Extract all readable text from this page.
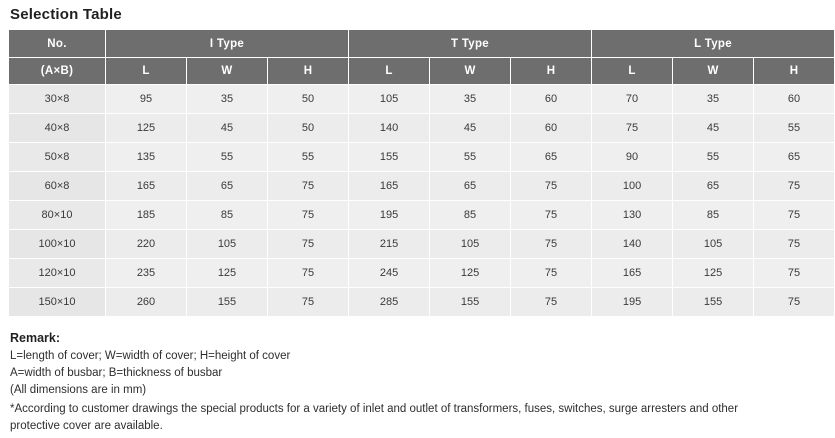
Selection Table
No.	I Type			T Type			L Type		
(A×B)	L	W	H	L	W	H	L	W	H
30×8	95	35	50	105	35	60	70	35	60
40×8	125	45	50	140	45	60	75	45	55
50×8	135	55	55	155	55	65	90	55	65
60×8	165	65	75	165	65	75	100	65	75
80×10	185	85	75	195	85	75	130	85	75
100×10	220	105	75	215	105	75	140	105	75
120×10	235	125	75	245	125	75	165	125	75
150×10	260	155	75	285	155	75	195	155	75
Remark:
L=length of cover; W=width of cover; H=height of cover
A=width of busbar; B=thickness of busbar
(All dimensions are in mm)
*According to customer drawings the special products for a variety of inlet and outlet of transformers, fuses, switches, surge arresters and other protective cover are available.
